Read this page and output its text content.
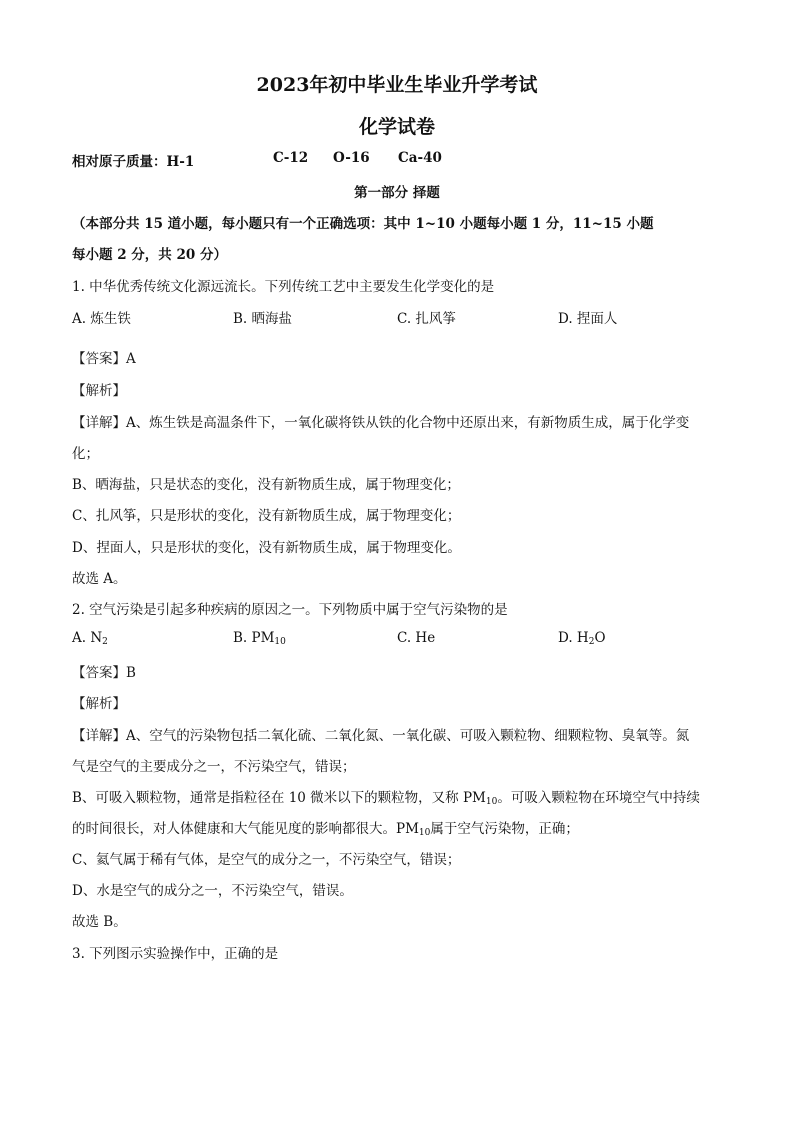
2023年初中毕业生毕业升学考试
化学试卷
相对原子质量：H-1	C-12 O-16 Ca-40
第一部分 择题
（本部分共 15 道小题，每小题只有一个正确选项：其中 1~10 小题每小题 1 分，11~15 小题
每小题 2 分，共 20 分）
1. 中华优秀传统文化源远流长。下列传统工艺中主要发生化学变化的是
A. 炼生铁	B. 晒海盐	C. 扎风筝	D. 捏面人
【答案】A
【解析】
【详解】A、炼生铁是高温条件下，一氧化碳将铁从铁的化合物中还原出来，有新物质生成，属于化学变
化；
B、晒海盐，只是状态的变化，没有新物质生成，属于物理变化；
C、扎风筝，只是形状的变化，没有新物质生成，属于物理变化；
D、捏面人，只是形状的变化，没有新物质生成，属于物理变化。
故选 A。
2. 空气污染是引起多种疾病的原因之一。下列物质中属于空气污染物的是
A. $N_2$	B. $PM_{10}$	C. He	D. $H_2O$
【答案】B
【解析】
【详解】A、空气的污染物包括二氧化硫、二氧化氮、一氧化碳、可吸入颗粒物、细颗粒物、臭氧等。氮
气是空气的主要成分之一，不污染空气，错误；
B、可吸入颗粒物，通常是指粒径在 10 微米以下的颗粒物，又称 $PM_{10}$。可吸入颗粒物在环境空气中持续
的时间很长，对人体健康和大气能见度的影响都很大。$PM_{10}$属于空气污染物，正确；
C、氦气属于稀有气体，是空气的成分之一，不污染空气，错误；
D、水是空气的成分之一，不污染空气，错误。
故选 B。
3. 下列图示实验操作中，正确的是
